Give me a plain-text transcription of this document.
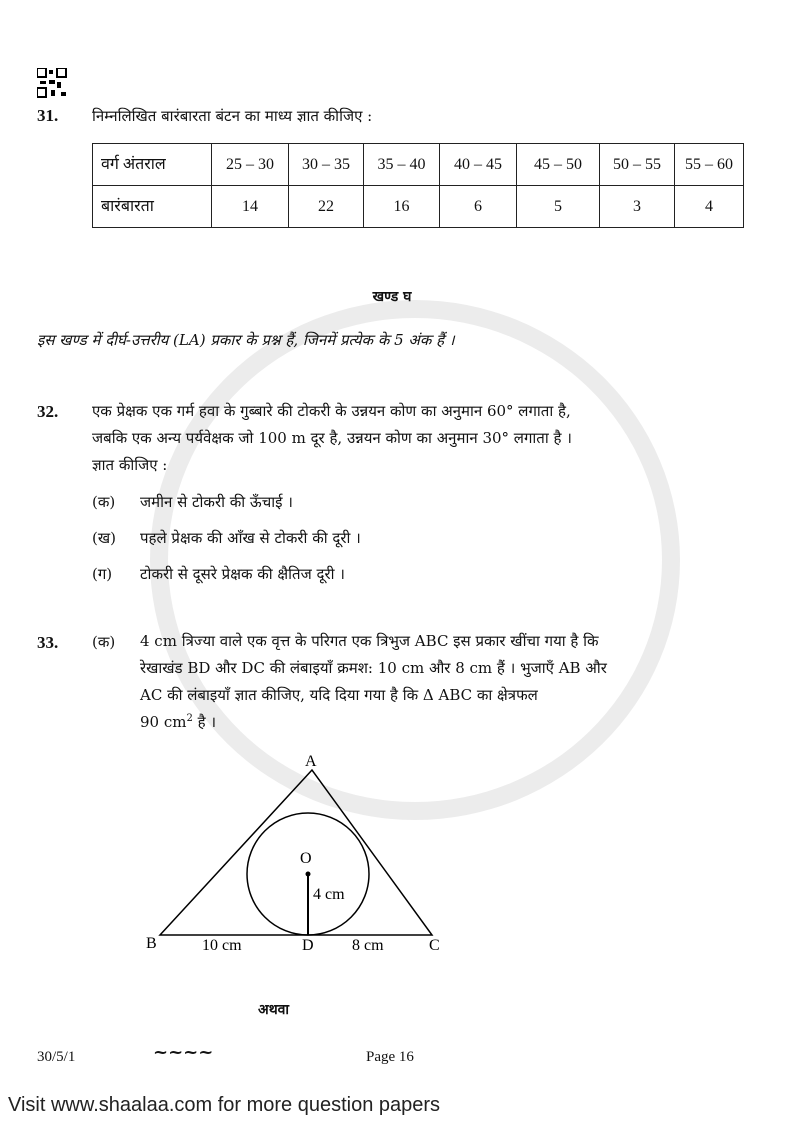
31. निम्नलिखित बारंबारता बंटन का माध्य ज्ञात कीजिए :
वर्ग अंतराल	25 – 30	30 – 35	35 – 40	40 – 45	45 – 50	50 – 55	55 – 60
बारंबारता	14	22	16	6	5	3	4
खण्ड घ
इस खण्ड में दीर्घ-उत्तरीय (LA) प्रकार के प्रश्न हैं, जिनमें प्रत्येक के 5 अंक हैं ।
32. एक प्रेक्षक एक गर्म हवा के गुब्बारे की टोकरी के उन्नयन कोण का अनुमान 60° लगाता है,
जबकि एक अन्य पर्यवेक्षक जो 100 m दूर है, उन्नयन कोण का अनुमान 30° लगाता है ।
ज्ञात कीजिए :
(क)	जमीन से टोकरी की ऊँचाई ।
(ख)	पहले प्रेक्षक की आँख से टोकरी की दूरी ।
(ग)	टोकरी से दूसरे प्रेक्षक की क्षैतिज दूरी ।
33. (क) 4 cm त्रिज्या वाले एक वृत्त के परिगत एक त्रिभुज ABC इस प्रकार खींचा गया है कि
रेखाखंड BD और DC की लंबाइयाँ क्रमश: 10 cm और 8 cm हैं । भुजाएँ AB और
AC की लंबाइयाँ ज्ञात कीजिए, यदि दिया गया है कि Δ ABC का क्षेत्रफल
90 $cm^2$ है ।
A
B	C
D
O
4 cm
10 cm	8 cm
अथवा
30/5/1	~~~~	Page 16
Visit www.shaalaa.com for more question papers
